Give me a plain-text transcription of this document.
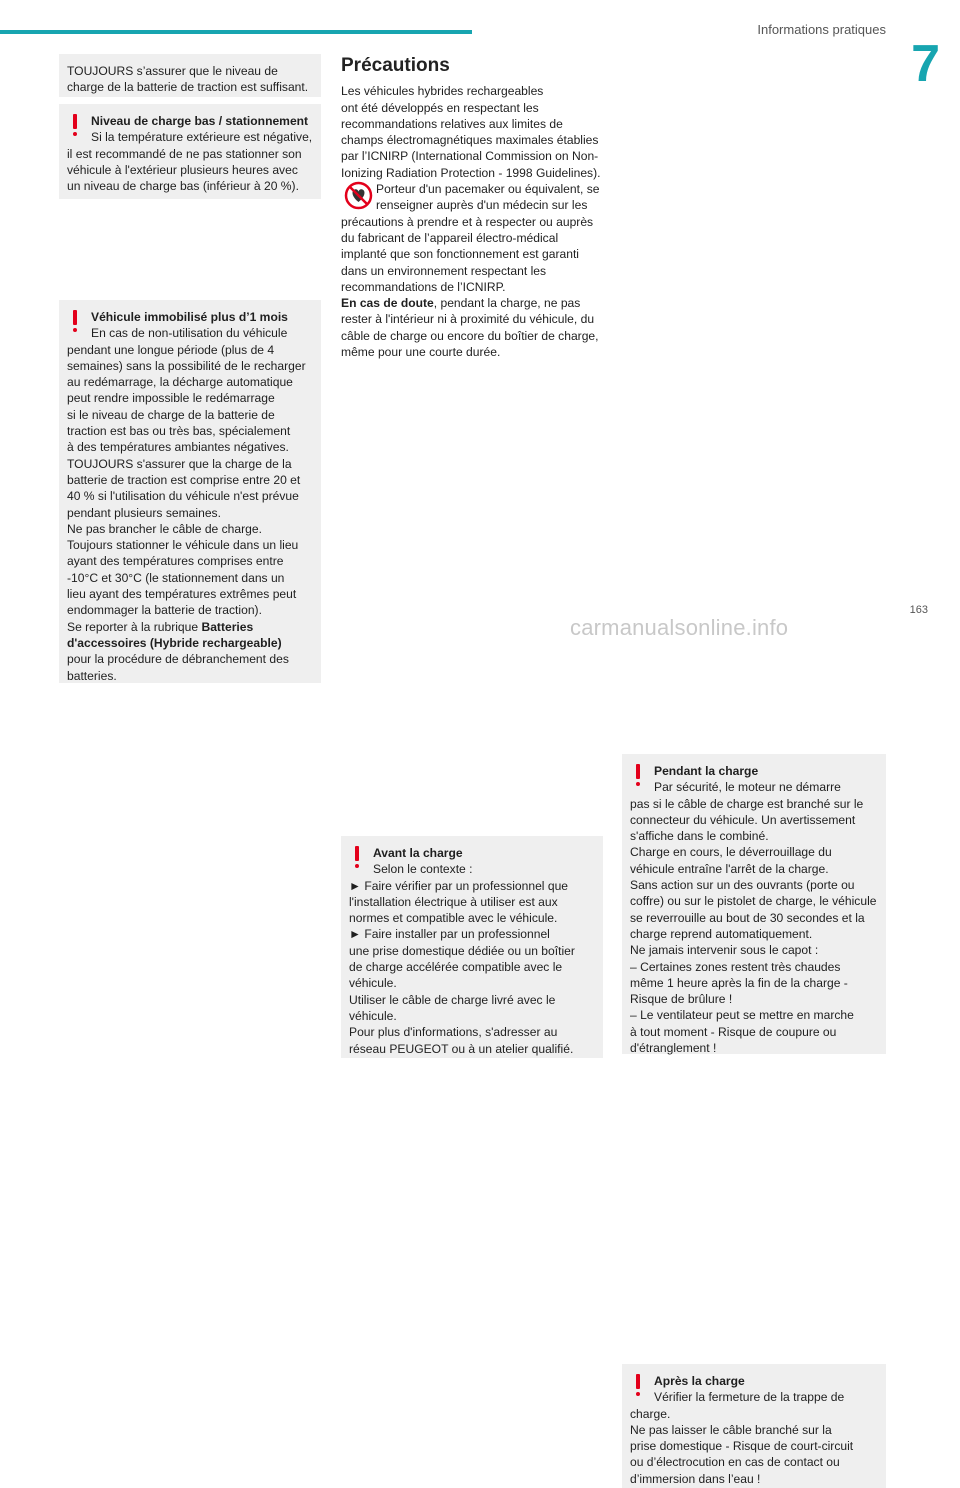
Informations pratiques
7

TOUJOURS s’assurer que le niveau de

charge de la batterie de traction est suffisant.

Niveau de charge bas / stationnement

Si la température extérieure est négative,

il est recommandé de ne pas stationner son

véhicule à l'extérieur plusieurs heures avec

un niveau de charge bas (inférieur à 20 %).

Véhicule immobilisé plus d’1 mois

En cas de non-utilisation du véhicule

pendant une longue période (plus de 4

semaines) sans la possibilité de le recharger

au redémarrage, la décharge automatique

peut rendre impossible le redémarrage

si le niveau de charge de la batterie de

traction est bas ou très bas, spécialement

à des températures ambiantes négatives.

TOUJOURS s'assurer que la charge de la

batterie de traction est comprise entre 20 et

40 % si l'utilisation du véhicule n'est prévue

pendant plusieurs semaines.

Ne pas brancher le câble de charge.

Toujours stationner le véhicule dans un lieu

ayant des températures comprises entre

-10°C et 30°C (le stationnement dans un

lieu ayant des températures extrêmes peut

endommager la batterie de traction).

Se reporter à la rubrique Batteries

d'accessoires (Hybride rechargeable)

pour la procédure de débranchement des

batteries.

Précautions

Les véhicules hybrides rechargeables

ont été développés en respectant les

recommandations relatives aux limites de

champs électromagnétiques maximales établies

par l’ICNIRP (International Commission on Non-

Ionizing Radiation Protection - 1998 Guidelines).

Porteur d'un pacemaker ou équivalent, se

renseigner auprès d'un médecin sur les

précautions à prendre et à respecter ou auprès

du fabricant de l’appareil électro-médical

implanté que son fonctionnement est garanti

dans un environnement respectant les

recommandations de l’ICNIRP.

En cas de doute, pendant la charge, ne pas

rester à l'intérieur ni à proximité du véhicule, du

câble de charge ou encore du boîtier de charge,

même pour une courte durée.

Avant la charge

Selon le contexte :

► Faire vérifier par un professionnel que

l'installation électrique à utiliser est aux

normes et compatible avec le véhicule.

► Faire installer par un professionnel

une prise domestique dédiée ou un boîtier

de charge accélérée compatible avec le

véhicule.

Utiliser le câble de charge livré avec le

véhicule.

Pour plus d'informations, s'adresser au

réseau PEUGEOT ou à un atelier qualifié.

Pendant la charge

Par sécurité, le moteur ne démarre

pas si le câble de charge est branché sur le

connecteur du véhicule. Un avertissement

s'affiche dans le combiné.

Charge en cours, le déverrouillage du

véhicule entraîne l'arrêt de la charge.

Sans action sur un des ouvrants (porte ou

coffre) ou sur le pistolet de charge, le véhicule

se reverrouille au bout de 30 secondes et la

charge reprend automatiquement.

Ne jamais intervenir sous le capot :

– Certaines zones restent très chaudes

même 1 heure après la fin de la charge -

Risque de brûlure !

– Le ventilateur peut se mettre en marche

à tout moment - Risque de coupure ou

d'étranglement !

Après la charge

Vérifier la fermeture de la trappe de

charge.

Ne pas laisser le câble branché sur la

prise domestique - Risque de court-circuit

ou d’électrocution en cas de contact ou

d’immersion dans l’eau !

163
carmanualsonline.info
